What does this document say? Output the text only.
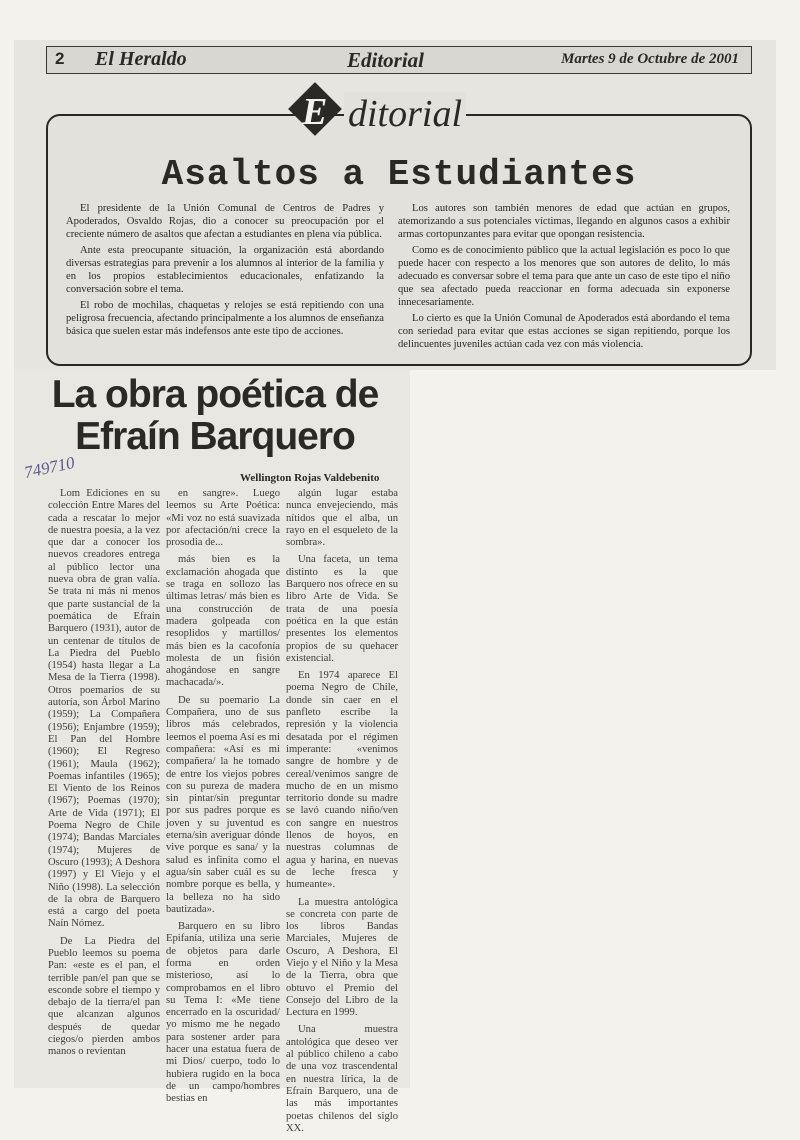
2 El Heraldo	Editorial	Martes 9 de Octubre de 2001
Asaltos a Estudiantes

El presidente de la Unión Comunal de Centros de Padres y Apoderados, Osvaldo Rojas, dio a conocer su preocupación por el creciente número de asaltos que afectan a estudiantes en plena vía pública.

Ante esta preocupante situación, la organización está abordando diversas estrategias para prevenir a los alumnos al interior de la familia y en los propios establecimientos educacionales, enfatizando la conversación sobre el tema.

El robo de mochilas, chaquetas y relojes se está repitiendo con una peligrosa frecuencia, afectando principalmente a los alumnos de enseñanza básica que suelen estar más indefensos ante este tipo de acciones.

Los autores son también menores de edad que actúan en grupos, atemorizando a sus potenciales víctimas, llegando en algunos casos a exhibir armas cortopunzantes para evitar que opongan resistencia.

Como es de conocimiento público que la actual legislación es poco lo que puede hacer con respecto a los menores que son autores de delito, lo más adecuado es conversar sobre el tema para que ante un caso de este tipo el niño que sea afectado pueda reaccionar en forma adecuada sin exponerse innecesariamente.

Lo cierto es que la Unión Comunal de Apoderados está abordando el tema con seriedad para evitar que estas acciones se sigan repitiendo, porque los delincuentes juveniles actúan cada vez con más violencia.

E ditorial
La obra poética de
Efraín Barquero
749710	Wellington Rojas Valdebenito

Lom Ediciones en su colección Entre Mares del cada a rescatar lo mejor de nuestra poesía, a la vez que dar a conocer los nuevos creadores entrega al público lector una nueva obra de gran valía. Se trata ni más ni menos que parte sustancial de la poemática de Efraín Barquero (1931), autor de un centenar de títulos de La Piedra del Pueblo (1954) hasta llegar a La Mesa de la Tierra (1998). Otros poemarios de su autoría, son Árbol Marino (1959); La Compañera (1956); Enjambre (1959); El Pan del Hombre (1960); El Regreso (1961); Maula (1962); Poemas infantiles (1965); El Viento de los Reinos (1967); Poemas (1970); Arte de Vida (1971); El Poema Negro de Chile (1974); Bandas Marciales (1974); Mujeres de Oscuro (1993); A Deshora (1997) y El Viejo y el Niño (1998). La selección de la obra de Barquero está a cargo del poeta Naín Nómez.

De La Piedra del Pueblo leemos su poema Pan: «este es el pan, el terrible pan/el pan que se esconde sobre el tiempo y debajo de la tierra/el pan que alcanzan algunos después de quedar ciegos/o pierden ambos manos o revientan

en sangre». Luego leemos su Arte Poética: «Mi voz no está suavizada por afectación/ni crece la prosodia de...

más bien es la exclamación ahogada que se traga en sollozo las últimas letras/ más bien es una construcción de madera golpeada con resoplidos y martillos/ más bien es la cacofonía molesta de un fisión ahogándose en sangre machacada/».

De su poemario La Compañera, uno de sus libros más celebrados, leemos el poema Así es mi compañera: «Así es mi compañera/ la he tomado de entre los viejos pobres con su pureza de madera sin pintar/sin preguntar por sus padres porque es joven y su juventud es eterna/sin averiguar dónde vive porque es sana/ y la salud es infinita como el agua/sin saber cuál es su nombre porque es bella, y la belleza no ha sido bautizada».

Barquero en su libro Epifanía, utiliza una serie de objetos para darle forma en orden misterioso, así lo comprobamos en el libro su Tema I: «Me tiene encerrado en la oscuridad/ yo mismo me he negado para sostener arder para hacer una estatua fuera de mi Dios/ cuerpo, todo lo hubiera rugido en la boca de un campo/hombres bestias en

algún lugar estaba nunca envejeciendo, más nítidos que el alba, un rayo en el esqueleto de la sombra».

Una faceta, un tema distinto es la que Barquero nos ofrece en su libro Arte de Vida. Se trata de una poesía poética en la que están presentes los elementos propios de su quehacer existencial.

En 1974 aparece El poema Negro de Chile, donde sin caer en el panfleto escribe la represión y la violencia desatada por el régimen imperante: «venimos sangre de hombre y de cereal/venimos sangre de mucho de en un mismo territorio donde su madre se lavó cuando niño/ven con sangre en nuestros llenos de hoyos, en nuestras columnas de agua y harina, en nuevas de leche fresca y humeante».

La muestra antológica se concreta con parte de los libros Bandas Marciales, Mujeres de Oscuro, A Deshora, El Viejo y el Niño y la Mesa de la Tierra, obra que obtuvo el Premio del Consejo del Libro de la Lectura en 1999.

Una muestra antológica que deseo ver al público chileno a cabo de una voz trascendental en nuestra lírica, la de Efraín Barquero, una de las más importantes poetas chilenos del siglo XX.
